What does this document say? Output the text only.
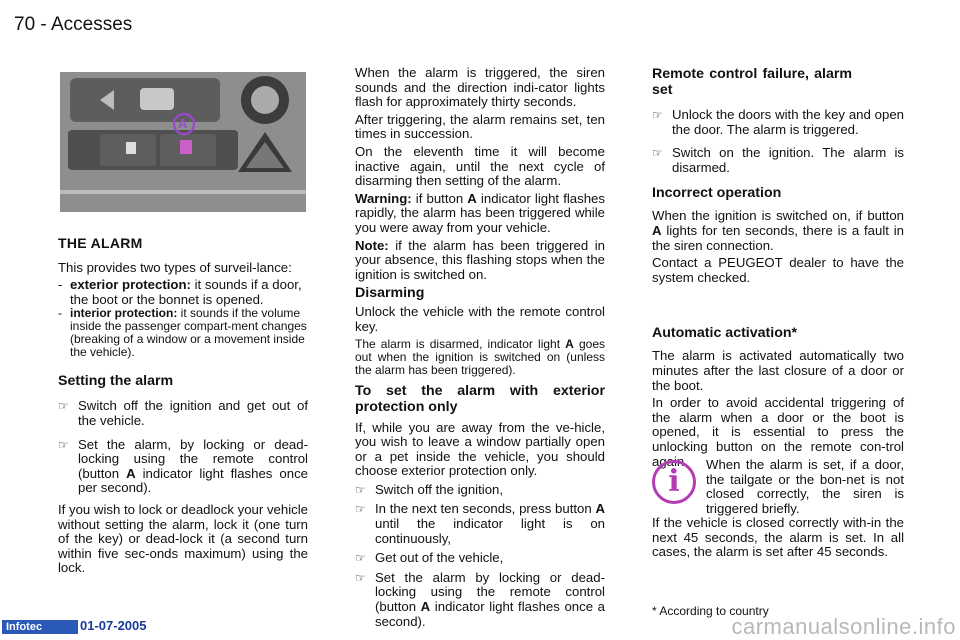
70 - Accesses
A

THE ALARM

This provides two types of surveil-lance:

- exterior protection: it sounds if a door, the boot or the bonnet is opened.
- interior protection: it sounds if the volume inside the passenger compart-ment changes (breaking of a window or a movement inside the vehicle).

Setting the alarm

☞ Switch off the ignition and get out of the vehicle.
☞ Set the alarm, by locking or dead-locking using the remote control (button A indicator light flashes once per second).

If you wish to lock or deadlock your vehicle without setting the alarm, lock it (one turn of the key) or dead-lock it (a second turn within five sec-onds maximum) using the lock.

When the alarm is triggered, the siren sounds and the direction indi-cator lights flash for approximately thirty seconds.

After triggering, the alarm remains set, ten times in succession.

On the eleventh time it will become inactive again, until the next cycle of disarming then setting of the alarm.

Warning: if button A indicator light flashes rapidly, the alarm has been triggered while you were away from your vehicle.

Note: if the alarm has been triggered in your absence, this flashing stops when the ignition is switched on.

Disarming

Unlock the vehicle with the remote control key.

The alarm is disarmed, indicator light A goes out when the ignition is switched on (unless the alarm has been triggered).

To set the alarm with exterior protection only

If, while you are away from the ve-hicle, you wish to leave a window partially open or a pet inside the vehicle, you should choose exterior protection only.

☞ Switch off the ignition,
☞ In the next ten seconds, press button A until the indicator light is on continuously,
☞ Get out of the vehicle,
☞ Set the alarm by locking or dead-locking using the remote control (button A indicator light flashes once a second).

Remote control failure, alarm set

☞ Unlock the doors with the key and open the door. The alarm is triggered.
☞ Switch on the ignition. The alarm is disarmed.

Incorrect operation

When the ignition is switched on, if button A lights for ten seconds, there is a fault in the siren connection.

Contact a PEUGEOT dealer to have the system checked.

Automatic activation*

The alarm is activated automatically two minutes after the last closure of a door or the boot.

In order to avoid accidental triggering of the alarm when a door or the boot is opened, it is essential to press the unlocking button on the remote con-trol again.

i	When the alarm is set, if a door, the tailgate or the bon-net is not closed correctly, the siren is triggered briefly.

If the vehicle is closed correctly with-in the next 45 seconds, the alarm is set. In all cases, the alarm is set after 45 seconds.

* According to country
Infotec	01-07-2005	carmanualsonline.info
